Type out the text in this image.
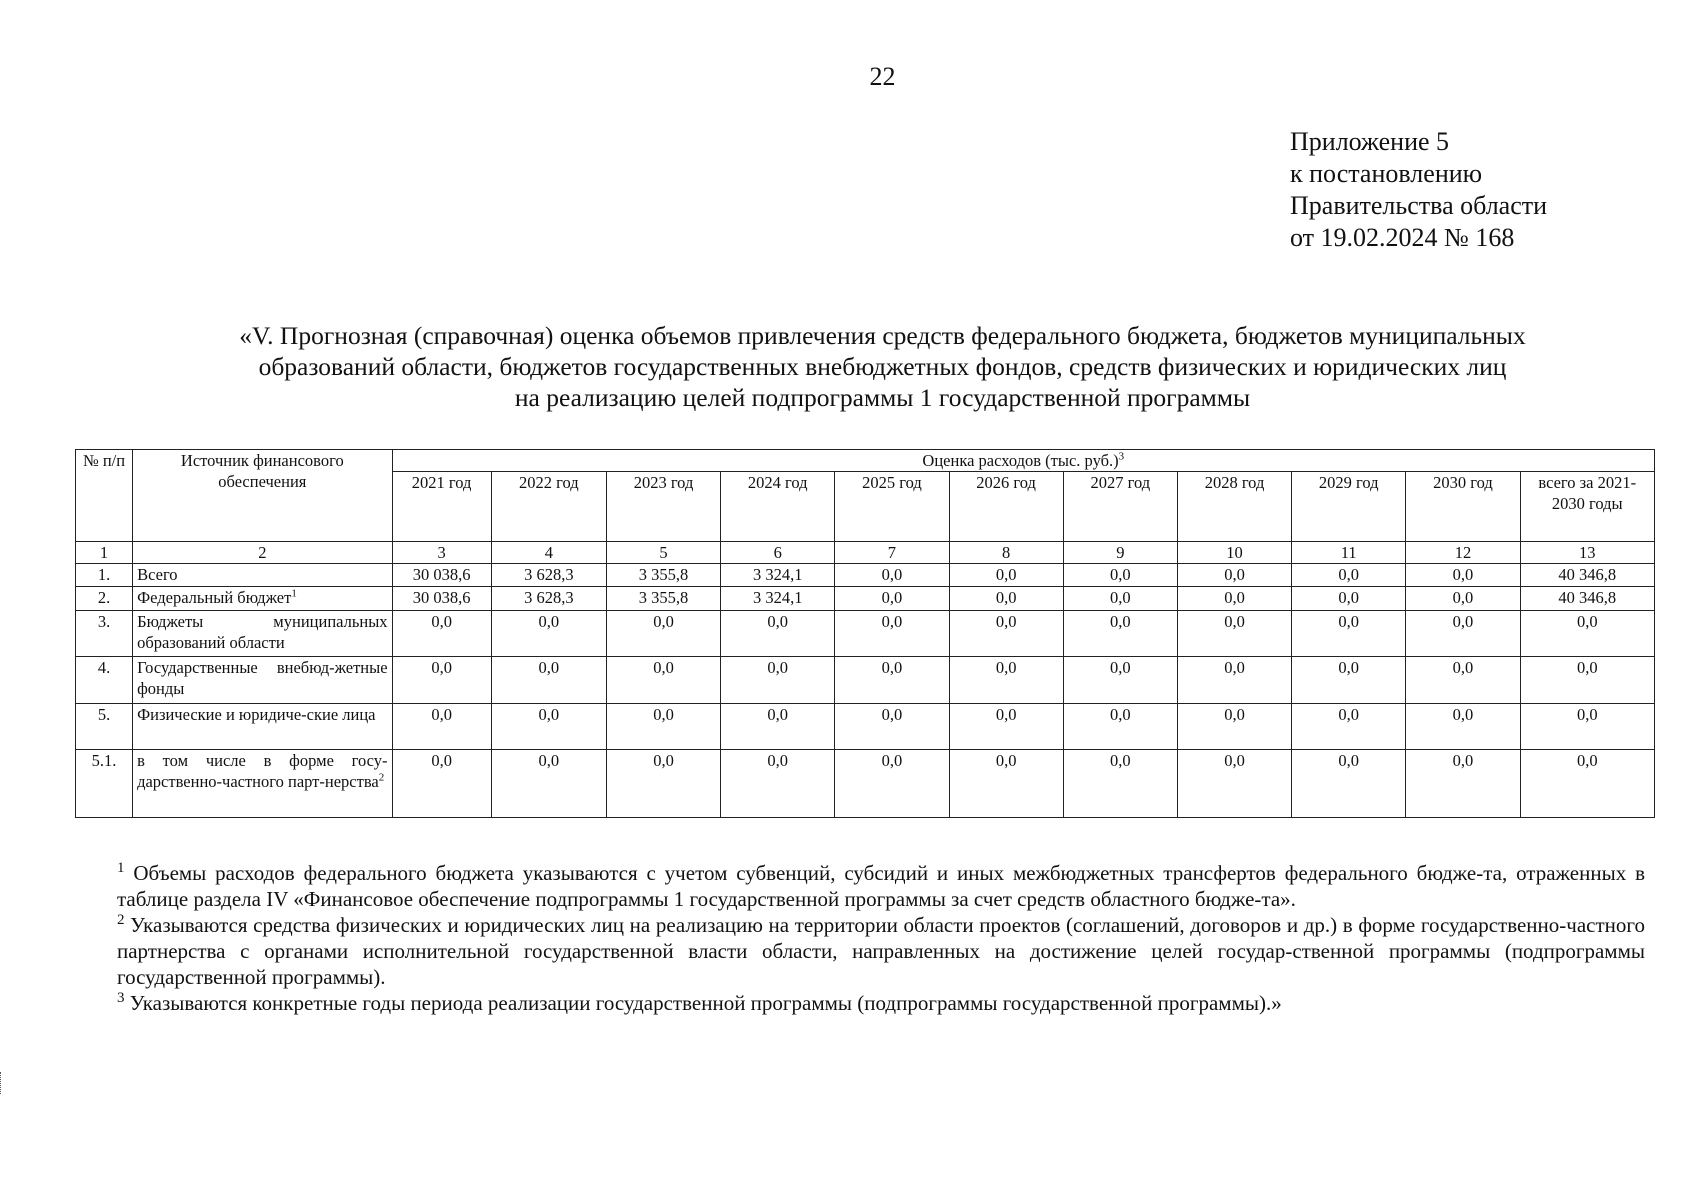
22
Приложение 5
к постановлению
Правительства области
от 19.02.2024 № 168
«V. Прогнозная (справочная) оценка объемов привлечения средств федерального бюджета, бюджетов муниципальных
образований области, бюджетов государственных внебюджетных фондов, средств физических и юридических лиц
на реализацию целей подпрограммы 1 государственной программы
№ п/п	Источник финансового обеспечения	Оценка расходов (тыс. руб.)$^3$
		2021 год	2022 год	2023 год	2024 год	2025 год	2026 год	2027 год	2028 год	2029 год	2030 год	всего за 2021-2030 годы
1	2	3	4	5	6	7	8	9	10	11	12	13
1.	Всего	30 038,6	3 628,3	3 355,8	3 324,1	0,0	0,0	0,0	0,0	0,0	0,0	40 346,8
2.	Федеральный бюджет$^1$	30 038,6	3 628,3	3 355,8	3 324,1	0,0	0,0	0,0	0,0	0,0	0,0	40 346,8
3.	Бюджеты муниципальных образований области	0,0	0,0	0,0	0,0	0,0	0,0	0,0	0,0	0,0	0,0	0,0
4.	Государственные внебюд-жетные фонды	0,0	0,0	0,0	0,0	0,0	0,0	0,0	0,0	0,0	0,0	0,0
5.	Физические и юридиче-ские лица	0,0	0,0	0,0	0,0	0,0	0,0	0,0	0,0	0,0	0,0	0,0
5.1.	в том числе в форме госу-дарственно-частного парт-нерства$^2$	0,0	0,0	0,0	0,0	0,0	0,0	0,0	0,0	0,0	0,0	0,0
$^1$ Объемы расходов федерального бюджета указываются с учетом субвенций, субсидий и иных межбюджетных трансфертов федерального бюдже-та, отраженных в таблице раздела IV «Финансовое обеспечение подпрограммы 1 государственной программы за счет средств областного бюдже-та».
$^2$ Указываются средства физических и юридических лиц на реализацию на территории области проектов (соглашений, договоров и др.) в форме государственно-частного партнерства с органами исполнительной государственной власти области, направленных на достижение целей государ-ственной программы (подпрограммы государственной программы).
$^3$ Указываются конкретные годы периода реализации государственной программы (подпрограммы государственной программы).»
